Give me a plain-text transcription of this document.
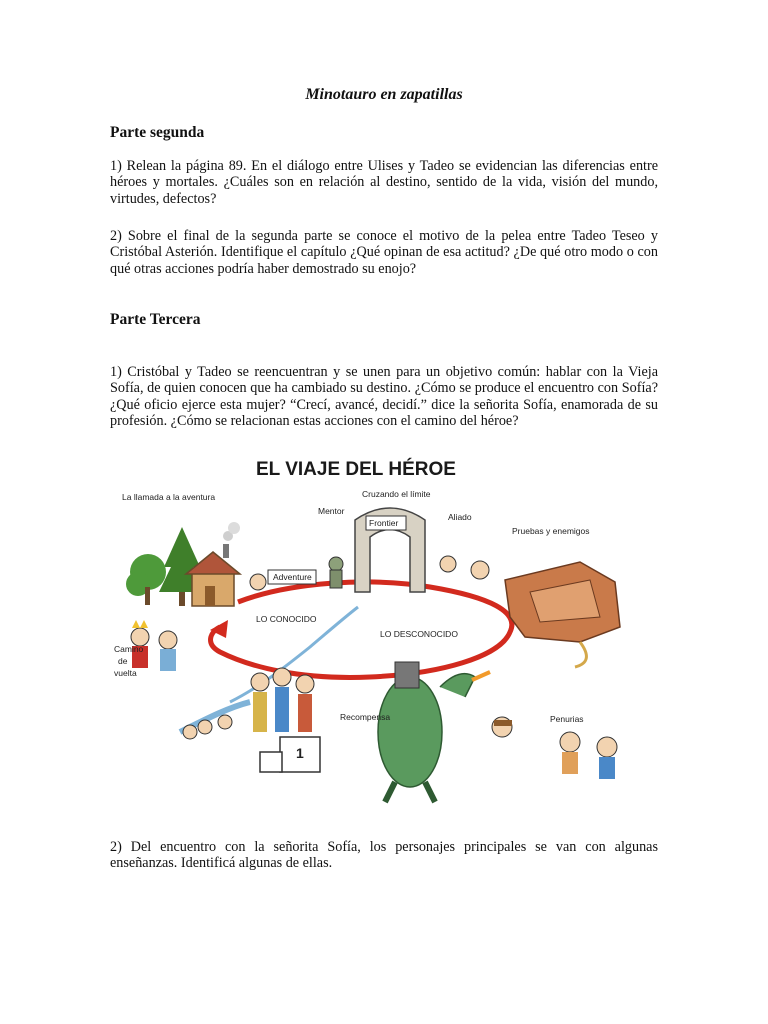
Minotauro en zapatillas
Parte segunda

1) Relean la página 89. En el diálogo entre Ulises y Tadeo se evidencian las diferencias entre héroes y mortales. ¿Cuáles son en relación al destino, sentido de la vida, visión del mundo, virtudes, defectos?

2) Sobre el final de la segunda parte se conoce el motivo de la pelea entre Tadeo Teseo y Cristóbal Asterión. Identifique el capítulo ¿Qué opinan de esa actitud? ¿De qué otro modo o con qué otras acciones podría haber demostrado su enojo?

Parte Tercera

1) Cristóbal y Tadeo se reencuentran y se unen para un objetivo común: hablar con la Vieja Sofía, de quien conocen que ha cambiado su destino. ¿Cómo se produce el encuentro con Sofía? ¿Qué oficio ejerce esta mujer? “Crecí, avancé, decidí.” dice la señorita Sofía, enamorada de su profesión. ¿Cómo se relacionan estas acciones con el camino del héroe?

EL VIAJE DEL HÉROE
Adventure
Frontier
1
La llamada a la aventura	Cruzando el límite
Mentor
Aliado
Pruebas y enemigos
LO CONOCIDO
LO DESCONOCIDO
Camino
de
vuelta
Recompensa	Penurias

2) Del encuentro con la señorita Sofía, los personajes principales se van con algunas enseñanzas. Identificá algunas de ellas.
